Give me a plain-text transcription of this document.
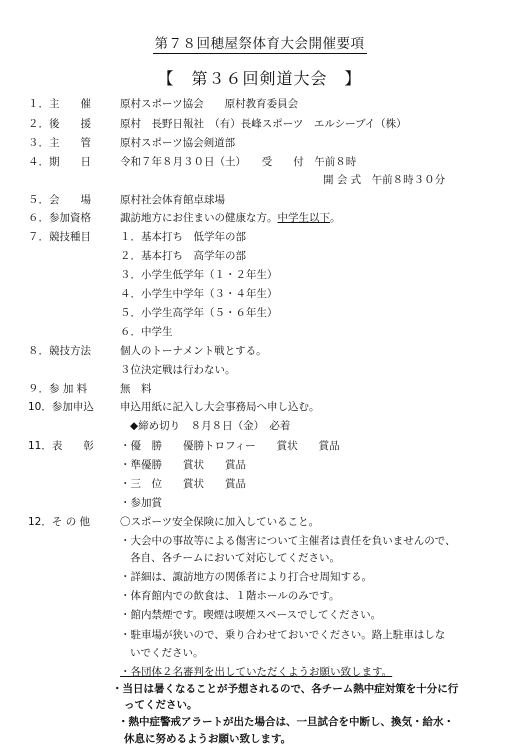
第７８回穂屋祭体育大会開催要項
【　第３６回剣道大会　】
１．主　　催	原村スポーツ協会　　原村教育委員会
２．後　　援	原村　長野日報社　（有）長峰スポーツ　エルシーブイ（株）
３．主　　管	原村スポーツ協会剣道部
４．期　　日	令和７年８月３０日（土）　　受　　付　午前８時
開 会 式　午前８時３０分
５．会　　場	原村社会体育館卓球場
６．参加資格	諏訪地方にお住まいの健康な方。中学生以下。
７．競技種目	１．基本打ち　低学年の部
２．基本打ち　高学年の部
３．小学生低学年（１・２年生）
４．小学生中学年（３・４年生）
５．小学生高学年（５・６年生）
６．中学生
８．競技方法	個人のトーナメント戦とする。
３位決定戦は行わない。
９．参 加 料	無　料
10．参加申込 申込用紙に記入し大会事務局へ申し込む。
◆締め切り　８月８日（金）　必着
11．表　　彰 ・優　勝　　優勝トロフィー　　賞状　　賞品
・準優勝　　賞状　　賞品
・三　位　　賞状　　賞品
・参加賞
12．そ の 他	〇スポーツ安全保険に加入していること。
・大会中の事故等による傷害について主催者は責任を負いませんので、
各自、各チームにおいて対応してください。
・詳細は、諏訪地方の関係者により打合せ周知する。
・体育館内での飲食は、１階ホールのみです。
・館内禁煙です。喫煙は喫煙スペースでしてください。
・駐車場が狭いので、乗り合わせておいでください。路上駐車はしな
いでください。
・各団体２名審判を出していただくようお願い致します。
・当日は暑くなることが予想されるので、各チーム熱中症対策を十分に行
ってください。
・熱中症警戒アラートが出た場合は、一旦試合を中断し、換気・給水・
休息に努めるようお願い致します。
